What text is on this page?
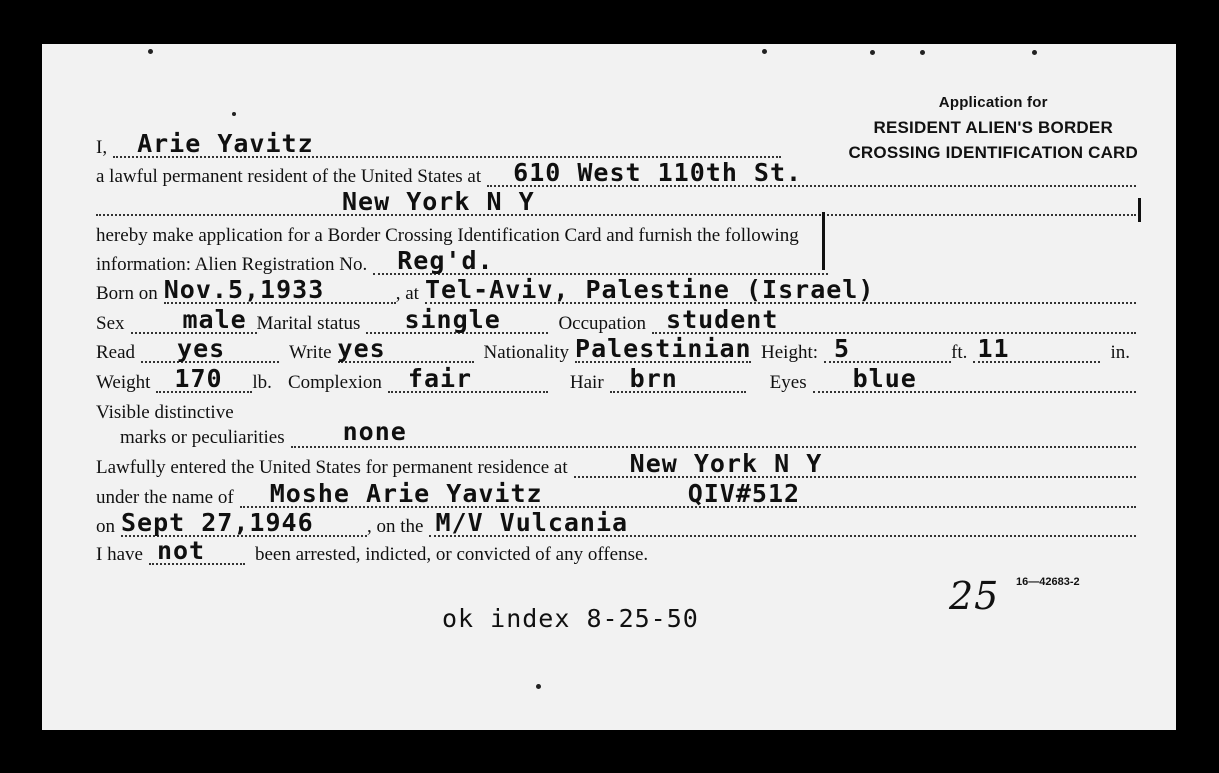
Application for
RESIDENT ALIEN'S BORDER
CROSSING IDENTIFICATION CARD
I, Arie Yavitz
a lawful permanent resident of the United States at 610 West 110th St.
New York N Y
hereby make application for a Border Crossing Identification Card and furnish the following
information: Alien Registration No. Reg'd.
Born on Nov.5,1933	, at Tel-Aviv, Palestine (Israel)
Sex male Marital status single	Occupation student
Read yes	Write yes	Nationality Palestinian Height: 5	ft. 11	in.
Weight 170 lb. Complexion fair	Hair brn	Eyes blue
Visible distinctive
marks or peculiarities none
Lawfully entered the United States for permanent residence at New York N Y
under the name of Moshe Arie Yavitz	QIV#512
on Sept 27,1946	, on the M/V Vulcania
I have not	been arrested, indicted, or convicted of any offense.
25 16—42683-2
ok index 8-25-50
